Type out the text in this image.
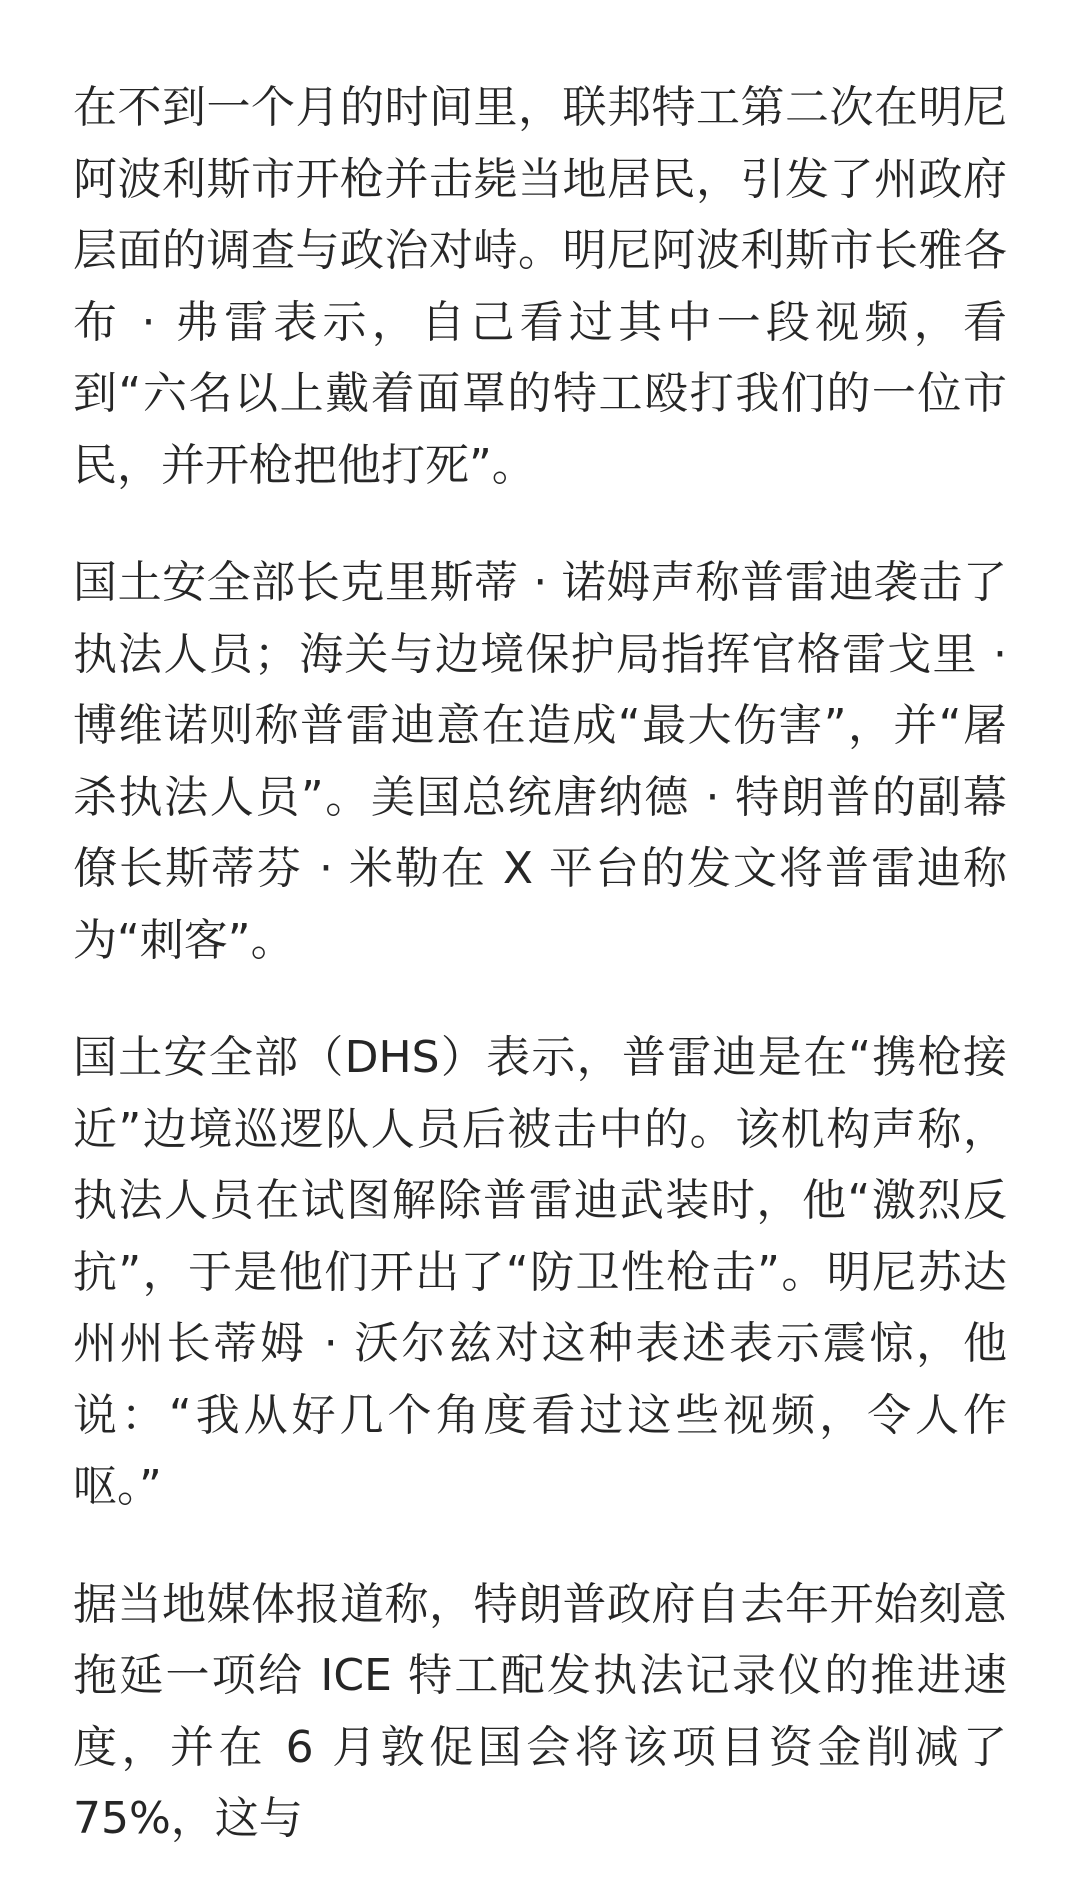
在不到一个月的时间里，联邦特工第二次在明尼阿波利斯市开枪并击毙当地居民，引发了州政府层面的调查与政治对峙。明尼阿波利斯市长雅各布 · 弗雷表示，自己看过其中一段视频，看到“六名以上戴着面罩的特工殴打我们的一位市民，并开枪把他打死”。

国土安全部长克里斯蒂 · 诺姆声称普雷迪袭击了执法人员；海关与边境保护局指挥官格雷戈里 · 博维诺则称普雷迪意在造成“最大伤害”，并“屠杀执法人员”。美国总统唐纳德 · 特朗普的副幕僚长斯蒂芬 · 米勒在 X 平台的发文将普雷迪称为“刺客”。

国土安全部（DHS）表示，普雷迪是在“携枪接近”边境巡逻队人员后被击中的。该机构声称，执法人员在试图解除普雷迪武装时，他“激烈反抗”，于是他们开出了“防卫性枪击”。明尼苏达州州长蒂姆 · 沃尔兹对这种表述表示震惊，他说：“我从好几个角度看过这些视频，令人作呕。”

据当地媒体报道称，特朗普政府自去年开始刻意拖延一项给 ICE 特工配发执法记录仪的推进速度，并在 6 月敦促国会将该项目资金削减了 75%，这与
